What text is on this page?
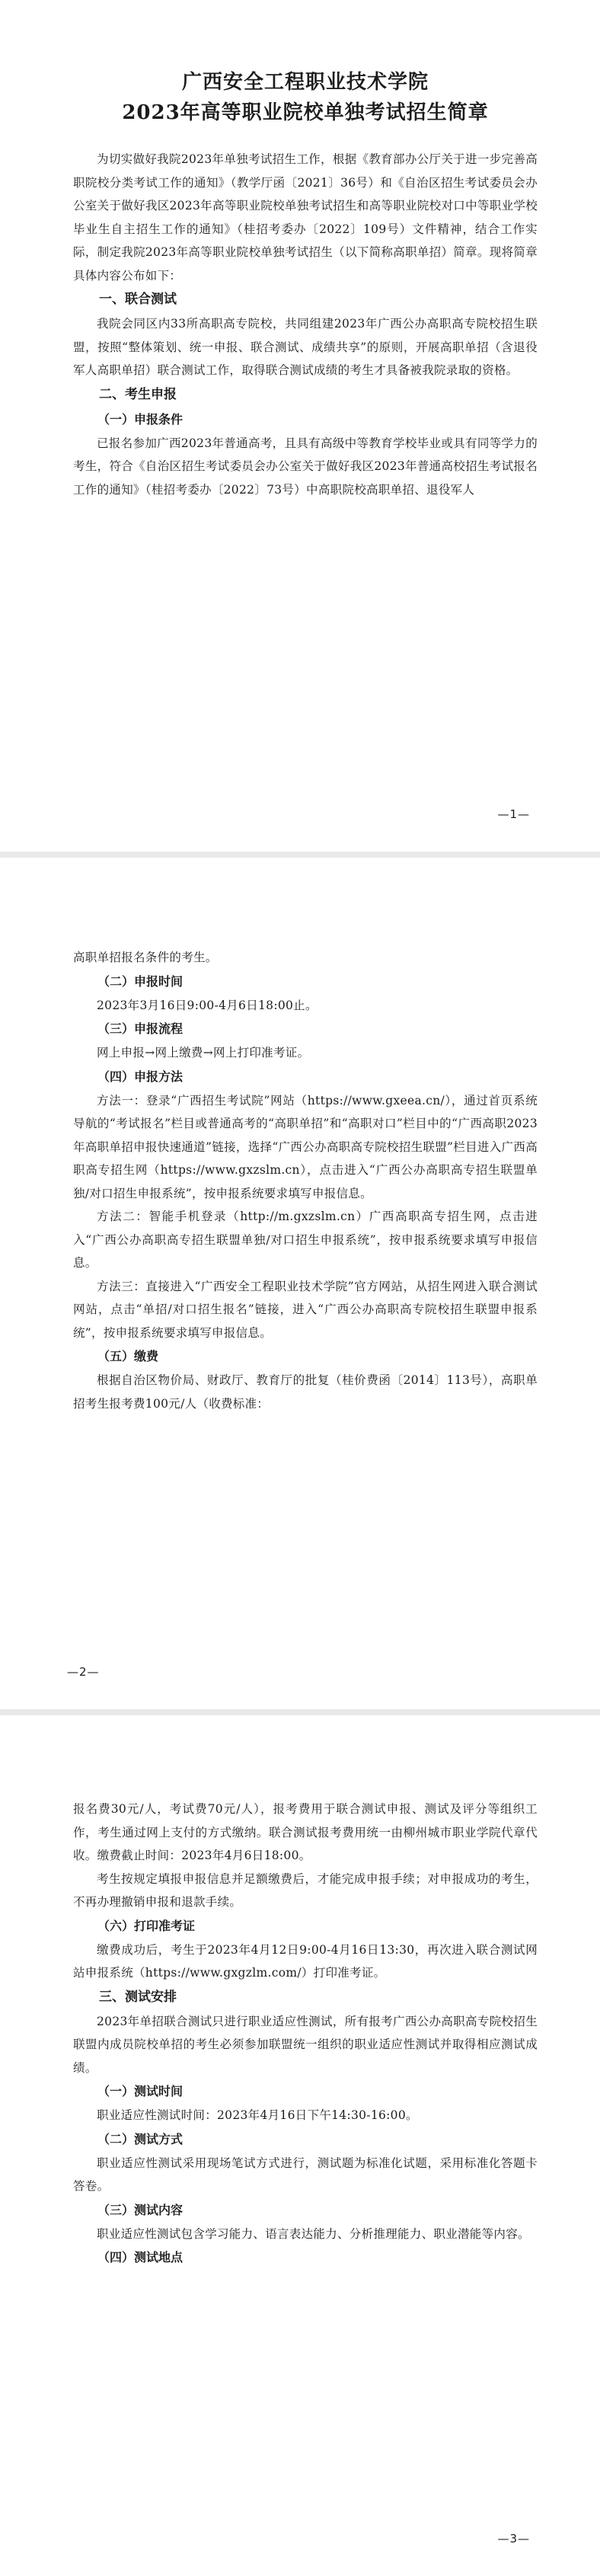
广西安全工程职业技术学院

2023年高等职业院校单独考试招生简章

为切实做好我院2023年单独考试招生工作，根据《教育部办公厅关于进一步完善高职院校分类考试工作的通知》（教学厅函〔2021〕36号）和《自治区招生考试委员会办公室关于做好我区2023年高等职业院校单独考试招生和高等职业院校对口中等职业学校毕业生自主招生工作的通知》（桂招考委办〔2022〕109号）文件精神，结合工作实际，制定我院2023年高等职业院校单独考试招生（以下简称高职单招）简章。现将简章具体内容公布如下：

一、联合测试

我院会同区内33所高职高专院校，共同组建2023年广西公办高职高专院校招生联盟，按照“整体策划、统一申报、联合测试、成绩共享”的原则，开展高职单招（含退役军人高职单招）联合测试工作，取得联合测试成绩的考生才具备被我院录取的资格。

二、考生申报

（一）申报条件

已报名参加广西2023年普通高考，且具有高级中等教育学校毕业或具有同等学力的考生，符合《自治区招生考试委员会办公室关于做好我区2023年普通高校招生考试报名工作的通知》（桂招考委办〔2022〕73号）中高职院校高职单招、退役军人

—1—

高职单招报名条件的考生。

（二）申报时间

2023年3月16日9:00-4月6日18:00止。

（三）申报流程

网上申报→网上缴费→网上打印准考证。

（四）申报方法

方法一：登录“广西招生考试院”网站（https://www.gxeea.cn/），通过首页系统导航的“考试报名”栏目或普通高考的“高职单招”和“高职对口”栏目中的“广西高职2023年高职单招申报快速通道”链接，选择“广西公办高职高专院校招生联盟”栏目进入广西高职高专招生网（https://www.gxzslm.cn），点击进入“广西公办高职高专招生联盟单独/对口招生申报系统”，按申报系统要求填写申报信息。

方法二：智能手机登录（http://m.gxzslm.cn）广西高职高专招生网，点击进入“广西公办高职高专招生联盟单独/对口招生申报系统”，按申报系统要求填写申报信息。

方法三：直接进入“广西安全工程职业技术学院”官方网站，从招生网进入联合测试网站，点击“单招/对口招生报名”链接，进入“广西公办高职高专院校招生联盟申报系统”，按申报系统要求填写申报信息。

（五）缴费

根据自治区物价局、财政厅、教育厅的批复（桂价费函〔2014〕113号），高职单招考生报考费100元/人（收费标准：

—2—

报名费30元/人，考试费70元/人），报考费用于联合测试申报、测试及评分等组织工作，考生通过网上支付的方式缴纳。联合测试报考费用统一由柳州城市职业学院代章代收。缴费截止时间：2023年4月6日18:00。

考生按规定填报申报信息并足额缴费后，才能完成申报手续；对申报成功的考生，不再办理撤销申报和退款手续。

（六）打印准考证

缴费成功后，考生于2023年4月12日9:00-4月16日13:30，再次进入联合测试网站申报系统（https://www.gxgzlm.com/）打印准考证。

三、测试安排

2023年单招联合测试只进行职业适应性测试，所有报考广西公办高职高专院校招生联盟内成员院校单招的考生必须参加联盟统一组织的职业适应性测试并取得相应测试成绩。

（一）测试时间

职业适应性测试时间：2023年4月16日下午14:30-16:00。

（二）测试方式

职业适应性测试采用现场笔试方式进行，测试题为标准化试题，采用标准化答题卡答卷。

（三）测试内容

职业适应性测试包含学习能力、语言表达能力、分析推理能力、职业潜能等内容。

（四）测试地点

—3—
